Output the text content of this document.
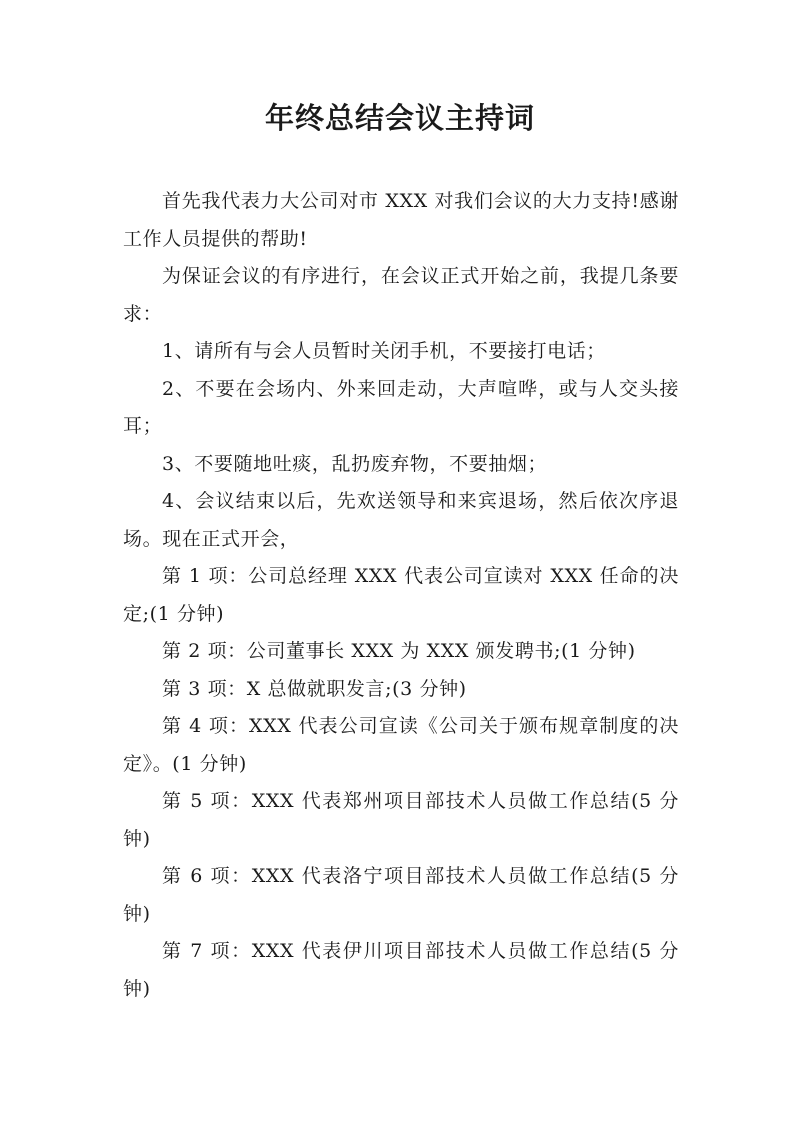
年终总结会议主持词

首先我代表力大公司对市 XXX 对我们会议的大力支持!感谢工作人员提供的帮助!

为保证会议的有序进行，在会议正式开始之前，我提几条要求：

1、请所有与会人员暂时关闭手机，不要接打电话；

2、不要在会场内、外来回走动，大声喧哗，或与人交头接耳；

3、不要随地吐痰，乱扔废弃物，不要抽烟；

4、会议结束以后，先欢送领导和来宾退场，然后依次序退场。现在正式开会，

第 1 项：公司总经理 XXX 代表公司宣读对 XXX 任命的决定;(1 分钟)

第 2 项：公司董事长 XXX 为 XXX 颁发聘书;(1 分钟)

第 3 项：X 总做就职发言;(3 分钟)

第 4 项：XXX 代表公司宣读《公司关于颁布规章制度的决定》。(1 分钟)

第 5 项：XXX 代表郑州项目部技术人员做工作总结(5 分钟)

第 6 项：XXX 代表洛宁项目部技术人员做工作总结(5 分钟)

第 7 项：XXX 代表伊川项目部技术人员做工作总结(5 分钟)
